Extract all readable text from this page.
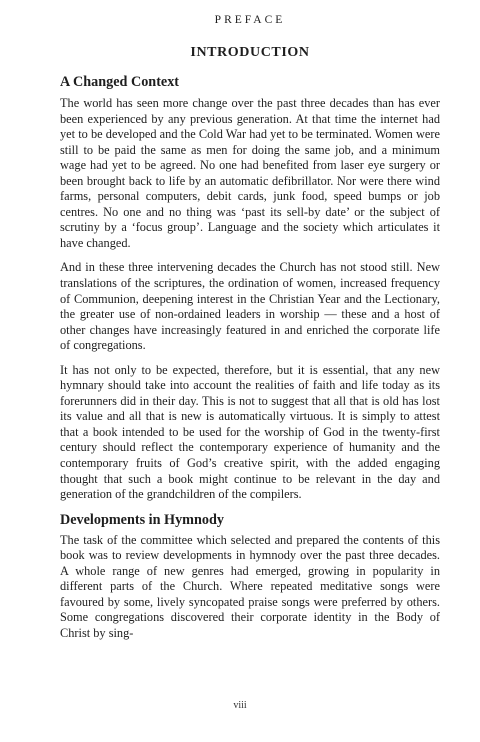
PREFACE
INTRODUCTION
A Changed Context

The world has seen more change over the past three decades than has ever been experienced by any previous generation. At that time the internet had yet to be developed and the Cold War had yet to be terminated. Women were still to be paid the same as men for doing the same job, and a minimum wage had yet to be agreed. No one had benefited from laser eye surgery or been brought back to life by an automatic defibrillator. Nor were there wind farms, personal computers, debit cards, junk food, speed bumps or job centres. No one and no thing was ‘past its sell-by date’ or the subject of scrutiny by a ‘focus group’. Language and the society which articulates it have changed.

And in these three intervening decades the Church has not stood still. New translations of the scriptures, the ordination of women, increased frequency of Communion, deepening interest in the Christian Year and the Lectionary, the greater use of non-ordained leaders in worship — these and a host of other changes have increasingly featured in and enriched the corporate life of congregations.

It has not only to be expected, therefore, but it is essential, that any new hymnary should take into account the realities of faith and life today as its forerunners did in their day. This is not to suggest that all that is old has lost its value and all that is new is automatically virtuous. It is simply to attest that a book intended to be used for the worship of God in the twenty-first century should reflect the contemporary experience of humanity and the contemporary fruits of God’s creative spirit, with the added engaging thought that such a book might continue to be relevant in the day and generation of the grandchildren of the compilers.

Developments in Hymnody

The task of the committee which selected and prepared the contents of this book was to review developments in hymnody over the past three decades. A whole range of new genres had emerged, growing in popularity in different parts of the Church. Where repeated meditative songs were favoured by some, lively syncopated praise songs were preferred by others. Some congregations discovered their corporate identity in the Body of Christ by sing-

viii
